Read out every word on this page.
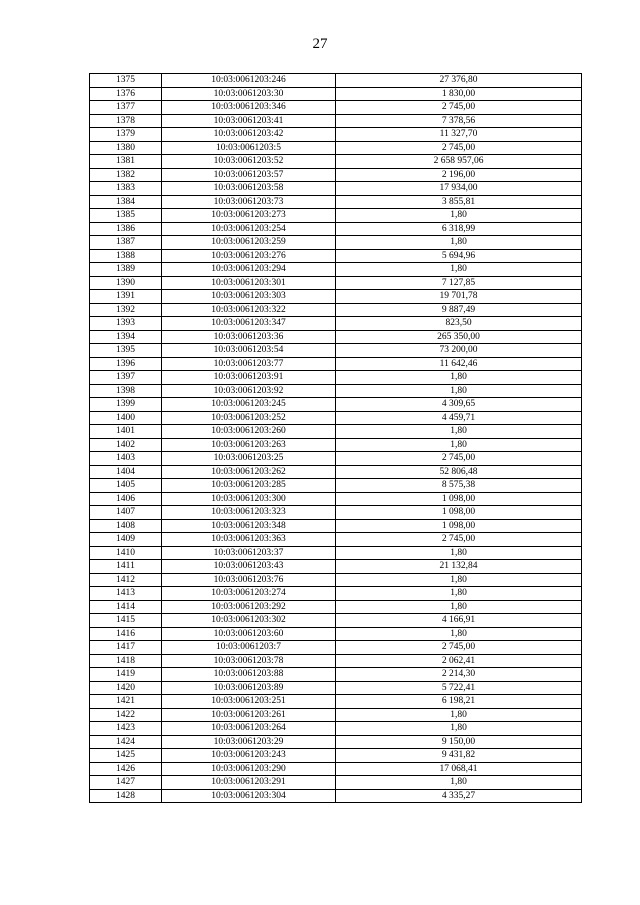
27
1375	10:03:0061203:246	27 376,80
1376	10:03:0061203:30	1 830,00
1377	10:03:0061203:346	2 745,00
1378	10:03:0061203:41	7 378,56
1379	10:03:0061203:42	11 327,70
1380	10:03:0061203:5	2 745,00
1381	10:03:0061203:52	2 658 957,06
1382	10:03:0061203:57	2 196,00
1383	10:03:0061203:58	17 934,00
1384	10:03:0061203:73	3 855,81
1385	10:03:0061203:273	1,80
1386	10:03:0061203:254	6 318,99
1387	10:03:0061203:259	1,80
1388	10:03:0061203:276	5 694,96
1389	10:03:0061203:294	1,80
1390	10:03:0061203:301	7 127,85
1391	10:03:0061203:303	19 701,78
1392	10:03:0061203:322	9 887,49
1393	10:03:0061203:347	823,50
1394	10:03:0061203:36	265 350,00
1395	10:03:0061203:54	73 200,00
1396	10:03:0061203:77	11 642,46
1397	10:03:0061203:91	1,80
1398	10:03:0061203:92	1,80
1399	10:03:0061203:245	4 309,65
1400	10:03:0061203:252	4 459,71
1401	10:03:0061203:260	1,80
1402	10:03:0061203:263	1,80
1403	10:03:0061203:25	2 745,00
1404	10:03:0061203:262	52 806,48
1405	10:03:0061203:285	8 575,38
1406	10:03:0061203:300	1 098,00
1407	10:03:0061203:323	1 098,00
1408	10:03:0061203:348	1 098,00
1409	10:03:0061203:363	2 745,00
1410	10:03:0061203:37	1,80
1411	10:03:0061203:43	21 132,84
1412	10:03:0061203:76	1,80
1413	10:03:0061203:274	1,80
1414	10:03:0061203:292	1,80
1415	10:03:0061203:302	4 166,91
1416	10:03:0061203:60	1,80
1417	10:03:0061203:7	2 745,00
1418	10:03:0061203:78	2 062,41
1419	10:03:0061203:88	2 214,30
1420	10:03:0061203:89	5 722,41
1421	10:03:0061203:251	6 198,21
1422	10:03:0061203:261	1,80
1423	10:03:0061203:264	1,80
1424	10:03:0061203:29	9 150,00
1425	10:03:0061203:243	9 431,82
1426	10:03:0061203:290	17 068,41
1427	10:03:0061203:291	1,80
1428	10:03:0061203:304	4 335,27
